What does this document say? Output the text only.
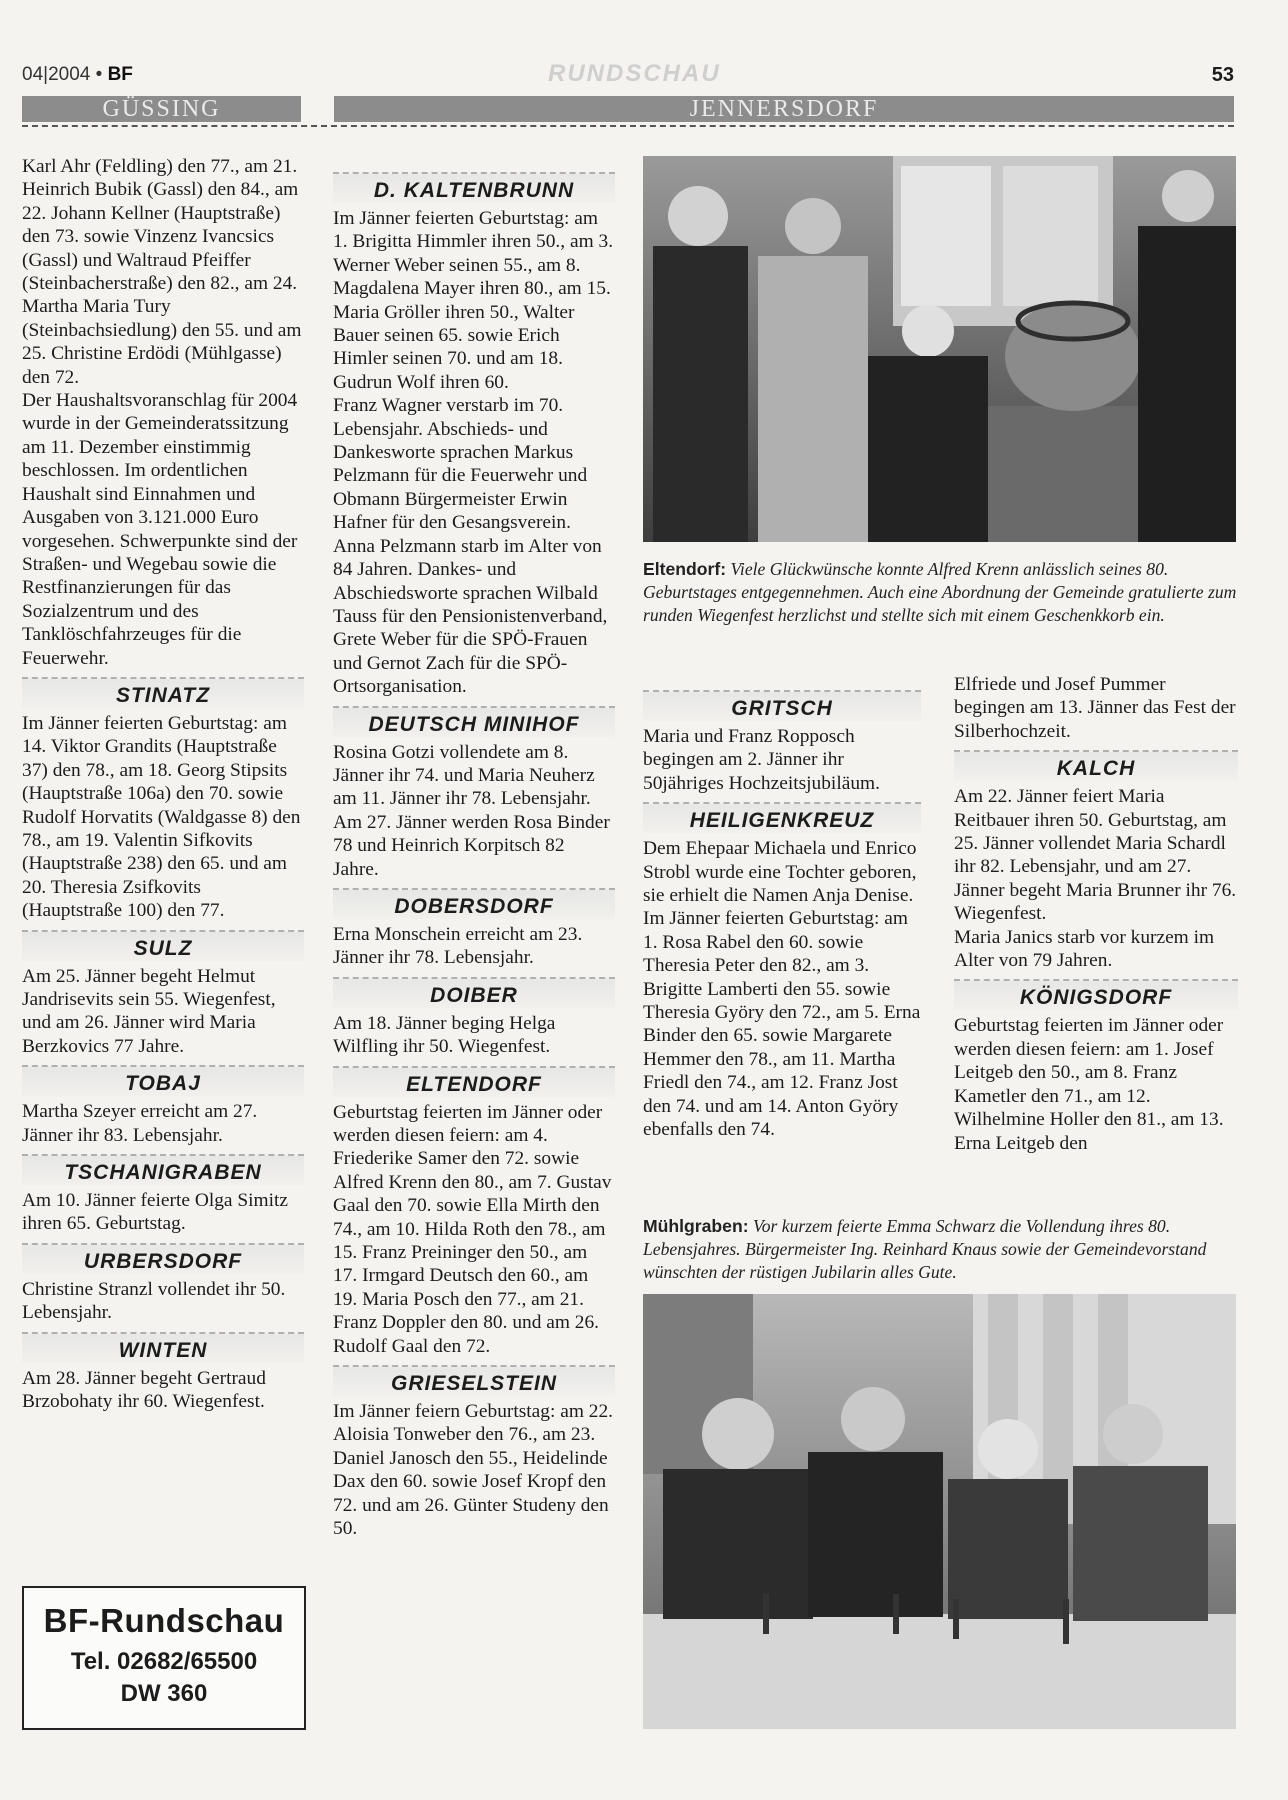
04|2004 • BF	RUNDSCHAU	53
GÜSSING	JENNERSDORF

Karl Ahr (Feldling) den 77., am 21. Heinrich Bubik (Gassl) den 84., am 22. Johann Kellner (Hauptstraße) den 73. sowie Vinzenz Ivancsics (Gassl) und Waltraud Pfeiffer (Steinbacherstraße) den 82., am 24. Martha Maria Tury (Steinbachsiedlung) den 55. und am 25. Christine Erdödi (Mühlgasse) den 72.

Der Haushaltsvoranschlag für 2004 wurde in der Gemeinderatssitzung am 11. Dezember einstimmig beschlossen. Im ordentlichen Haushalt sind Einnahmen und Ausgaben von 3.121.000 Euro vorgesehen. Schwerpunkte sind der Straßen- und Wegebau sowie die Restfinanzierungen für das Sozialzentrum und des Tanklöschfahrzeuges für die Feuerwehr.

STINATZ

Im Jänner feierten Geburtstag: am 14. Viktor Grandits (Hauptstraße 37) den 78., am 18. Georg Stipsits (Hauptstraße 106a) den 70. sowie Rudolf Horvatits (Waldgasse 8) den 78., am 19. Valentin Sifkovits (Hauptstraße 238) den 65. und am 20. Theresia Zsifkovits (Hauptstraße 100) den 77.

SULZ

Am 25. Jänner begeht Helmut Jandrisevits sein 55. Wiegenfest, und am 26. Jänner wird Maria Berzkovics 77 Jahre.

TOBAJ

Martha Szeyer erreicht am 27. Jänner ihr 83. Lebensjahr.

TSCHANIGRABEN

Am 10. Jänner feierte Olga Simitz ihren 65. Geburtstag.

URBERSDORF

Christine Stranzl vollendet ihr 50. Lebensjahr.

WINTEN

Am 28. Jänner begeht Gertraud Brzobohaty ihr 60. Wiegenfest.

BF-Rundschau
Tel. 02682/65500
DW 360
D. KALTENBRUNN

Im Jänner feierten Geburtstag: am 1. Brigitta Himmler ihren 50., am 3. Werner Weber seinen 55., am 8. Magdalena Mayer ihren 80., am 15. Maria Gröller ihren 50., Walter Bauer seinen 65. sowie Erich Himler seinen 70. und am 18. Gudrun Wolf ihren 60.

Franz Wagner verstarb im 70. Lebensjahr. Abschieds- und Dankesworte sprachen Markus Pelzmann für die Feuerwehr und Obmann Bürgermeister Erwin Hafner für den Gesangsverein.

Anna Pelzmann starb im Alter von 84 Jahren. Dankes- und Abschiedsworte sprachen Wilbald Tauss für den Pensionistenverband, Grete Weber für die SPÖ-Frauen und Gernot Zach für die SPÖ-Ortsorganisation.

DEUTSCH MINIHOF

Rosina Gotzi vollendete am 8. Jänner ihr 74. und Maria Neuherz am 11. Jänner ihr 78. Lebensjahr.

Am 27. Jänner werden Rosa Binder 78 und Heinrich Korpitsch 82 Jahre.

DOBERSDORF

Erna Monschein erreicht am 23. Jänner ihr 78. Lebensjahr.

DOIBER

Am 18. Jänner beging Helga Wilfling ihr 50. Wiegenfest.

ELTENDORF

Geburtstag feierten im Jänner oder werden diesen feiern: am 4. Friederike Samer den 72. sowie Alfred Krenn den 80., am 7. Gustav Gaal den 70. sowie Ella Mirth den 74., am 10. Hilda Roth den 78., am 15. Franz Preininger den 50., am 17. Irmgard Deutsch den 60., am 19. Maria Posch den 77., am 21. Franz Doppler den 80. und am 26. Rudolf Gaal den 72.

GRIESELSTEIN

Im Jänner feiern Geburtstag: am 22. Aloisia Tonweber den 76., am 23. Daniel Janosch den 55., Heidelinde Dax den 60. sowie Josef Kropf den 72. und am 26. Günter Studeny den 50.

Eltendorf: Viele Glückwünsche konnte Alfred Krenn anlässlich seines 80. Geburtstages entgegennehmen. Auch eine Abordnung der Gemeinde gratulierte zum runden Wiegenfest herzlichst und stellte sich mit einem Geschenkkorb ein.
GRITSCH

Maria und Franz Ropposch begingen am 2. Jänner ihr 50jähriges Hochzeitsjubiläum.

HEILIGENKREUZ

Dem Ehepaar Michaela und Enrico Strobl wurde eine Tochter geboren, sie erhielt die Namen Anja Denise.

Im Jänner feierten Geburtstag: am 1. Rosa Rabel den 60. sowie Theresia Peter den 82., am 3. Brigitte Lamberti den 55. sowie Theresia Györy den 72., am 5. Erna Binder den 65. sowie Margarete Hemmer den 78., am 11. Martha Friedl den 74., am 12. Franz Jost den 74. und am 14. Anton Györy ebenfalls den 74.

Elfriede und Josef Pummer begingen am 13. Jänner das Fest der Silberhochzeit.

KALCH

Am 22. Jänner feiert Maria Reitbauer ihren 50. Geburtstag, am 25. Jänner vollendet Maria Schardl ihr 82. Lebensjahr, und am 27. Jänner begeht Maria Brunner ihr 76. Wiegenfest.

Maria Janics starb vor kurzem im Alter von 79 Jahren.

KÖNIGSDORF

Geburtstag feierten im Jänner oder werden diesen feiern: am 1. Josef Leitgeb den 50., am 8. Franz Kametler den 71., am 12. Wilhelmine Holler den 81., am 13. Erna Leitgeb den

Mühlgraben: Vor kurzem feierte Emma Schwarz die Vollendung ihres 80. Lebensjahres. Bürgermeister Ing. Reinhard Knaus sowie der Gemeindevorstand wünschten der rüstigen Jubilarin alles Gute.
